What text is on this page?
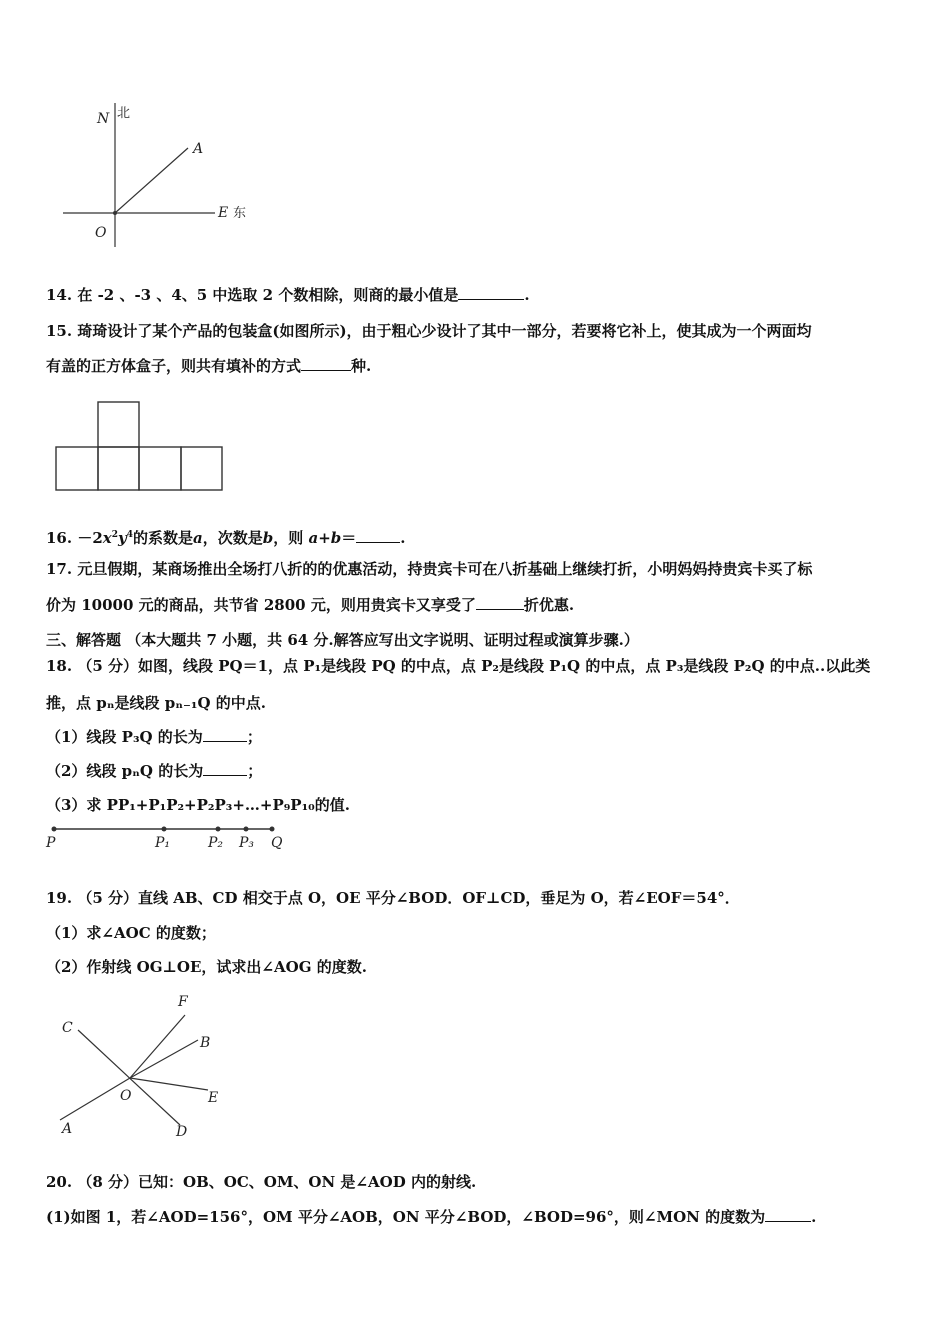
N 北
E 东
O
A
14. 在 -2 、-3 、4、5 中选取 2 个数相除，则商的最小值是	.
15. 琦琦设计了某个产品的包装盒(如图所示)，由于粗心少设计了其中一部分，若要将它补上，使其成为一个两面均
有盖的正方体盒子，则共有填补的方式	种.
16. $-2x^2y^4$的系数是a，次数是b，则 a+b＝	.
17. 元旦假期，某商场推出全场打八折的的优惠活动，持贵宾卡可在八折基础上继续打折，小明妈妈持贵宾卡买了标
价为 10000 元的商品，共节省 2800 元，则用贵宾卡又享受了	折优惠.
三、解答题 （本大题共 7 小题，共 64 分.解答应写出文字说明、证明过程或演算步骤.）
18. （5 分）如图，线段 PQ＝1，点 P₁是线段 PQ 的中点，点 P₂是线段 P₁Q 的中点，点 P₃是线段 P₂Q 的中点..以此类
推，点 pₙ是线段 pₙ₋₁Q 的中点.
（1）线段 P₃Q 的长为	；
（2）线段 pₙQ 的长为	；
（3）求 PP₁+P₁P₂+P₂P₃+…+P₉P₁₀的值.
P	P₁	P₂ P₃ Q
19. （5 分）直线 AB、CD 相交于点 O，OE 平分∠BOD．OF⊥CD，垂足为 O，若∠EOF＝54°．
（1）求∠AOC 的度数；
（2）作射线 OG⊥OE，试求出∠AOG 的度数.
F
C
B
O	E
A	D
20. （8 分）已知：OB、OC、OM、ON 是∠AOD 内的射线.
(1)如图 1，若∠AOD=156°，OM 平分∠AOB，ON 平分∠BOD，∠BOD=96°，则∠MON 的度数为	.
